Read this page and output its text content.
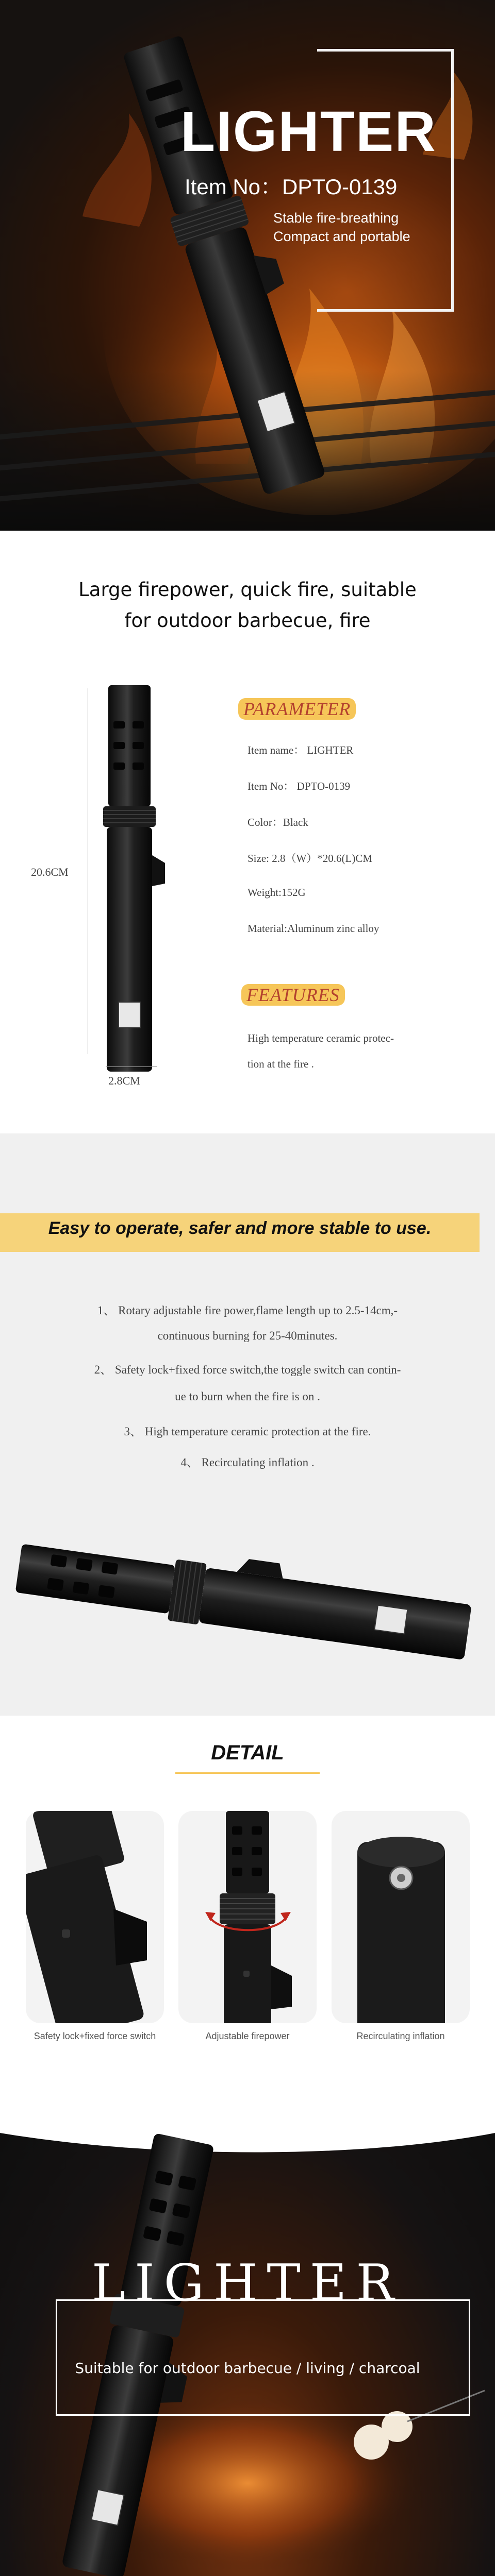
LIGHTER
Item No：DPTO-0139
Stable fire-breathing
Compact and portable
Large firepower, quick fire, suitable
for outdoor barbecue, fire
20.6CM
2.8CM
PARAMETER
Item name： LIGHTER
Item No： DPTO-0139
Color：Black
Size: 2.8（W）*20.6(L)CM
Weight:152G
Material:Aluminum zinc alloy
FEATURES
High temperature ceramic protec-
tion at the fire .
Easy to operate, safer and more stable to use.
1、 Rotary adjustable fire power,flame length up to 2.5-14cm,-
continuous burning for 25-40minutes.
2、 Safety lock+fixed force switch,the toggle switch can contin-
ue to burn when the fire is on .
3、 High temperature ceramic protection at the fire.
4、 Recirculating inflation .
DETAIL
Safety lock+fixed force switch	Adjustable firepower	Recirculating inflation
LIGHTER
Suitable for outdoor barbecue / living / charcoal
